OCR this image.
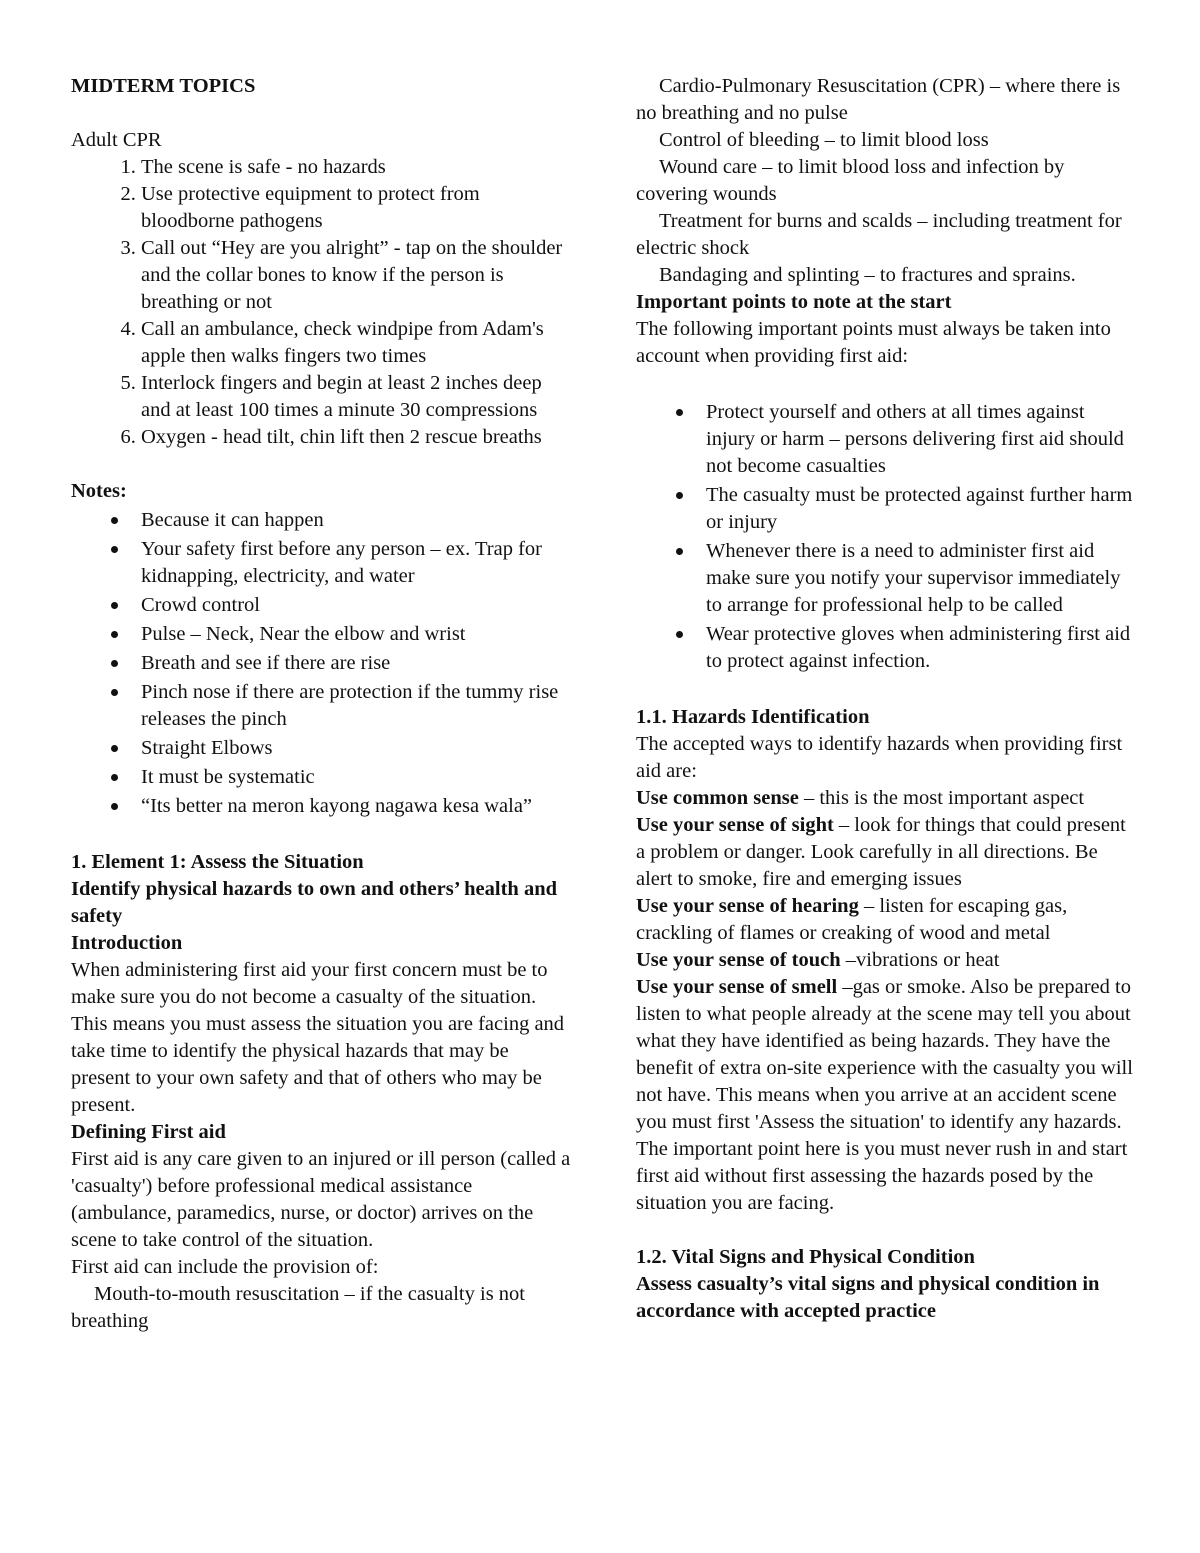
MIDTERM TOPICS

Adult CPR

1. The scene is safe - no hazards
2. Use protective equipment to protect from bloodborne pathogens
3. Call out “Hey are you alright” - tap on the shoulder and the collar bones to know if the person is breathing or not
4. Call an ambulance, check windpipe from Adam's apple then walks fingers two times
5. Interlock fingers and begin at least 2 inches deep and at least 100 times a minute 30 compressions
6. Oxygen - head tilt, chin lift then 2 rescue breaths

Notes:

Because it can happen
Your safety first before any person – ex. Trap for kidnapping, electricity, and water
Crowd control
Pulse – Neck, Near the elbow and wrist
Breath and see if there are rise
Pinch nose if there are protection if the tummy rise releases the pinch
Straight Elbows
It must be systematic
“Its better na meron kayong nagawa kesa wala”

1. Element 1: Assess the Situation

Identify physical hazards to own and others’ health and safety

Introduction

When administering first aid your first concern must be to make sure you do not become a casualty of the situation. This means you must assess the situation you are facing and take time to identify the physical hazards that may be present to your own safety and that of others who may be present.

Defining First aid

First aid is any care given to an injured or ill person (called a 'casualty') before professional medical assistance (ambulance, paramedics, nurse, or doctor) arrives on the scene to take control of the situation.

First aid can include the provision of:

Mouth-to-mouth resuscitation – if the casualty is not breathing

Cardio-Pulmonary Resuscitation (CPR) – where there is no breathing and no pulse

Control of bleeding – to limit blood loss

Wound care – to limit blood loss and infection by covering wounds

Treatment for burns and scalds – including treatment for electric shock

Bandaging and splinting – to fractures and sprains.

Important points to note at the start

The following important points must always be taken into account when providing first aid:

Protect yourself and others at all times against injury or harm – persons delivering first aid should not become casualties
The casualty must be protected against further harm or injury
Whenever there is a need to administer first aid make sure you notify your supervisor immediately to arrange for professional help to be called
Wear protective gloves when administering first aid to protect against infection.

1.1. Hazards Identification

The accepted ways to identify hazards when providing first aid are:

Use common sense – this is the most important aspect

Use your sense of sight – look for things that could present a problem or danger. Look carefully in all directions. Be alert to smoke, fire and emerging issues

Use your sense of hearing – listen for escaping gas, crackling of flames or creaking of wood and metal

Use your sense of touch –vibrations or heat

Use your sense of smell –gas or smoke. Also be prepared to listen to what people already at the scene may tell you about what they have identified as being hazards. They have the benefit of extra on-site experience with the casualty you will not have. This means when you arrive at an accident scene you must first 'Assess the situation' to identify any hazards. The important point here is you must never rush in and start first aid without first assessing the hazards posed by the situation you are facing.

1.2. Vital Signs and Physical Condition

Assess casualty’s vital signs and physical condition in accordance with accepted practice
